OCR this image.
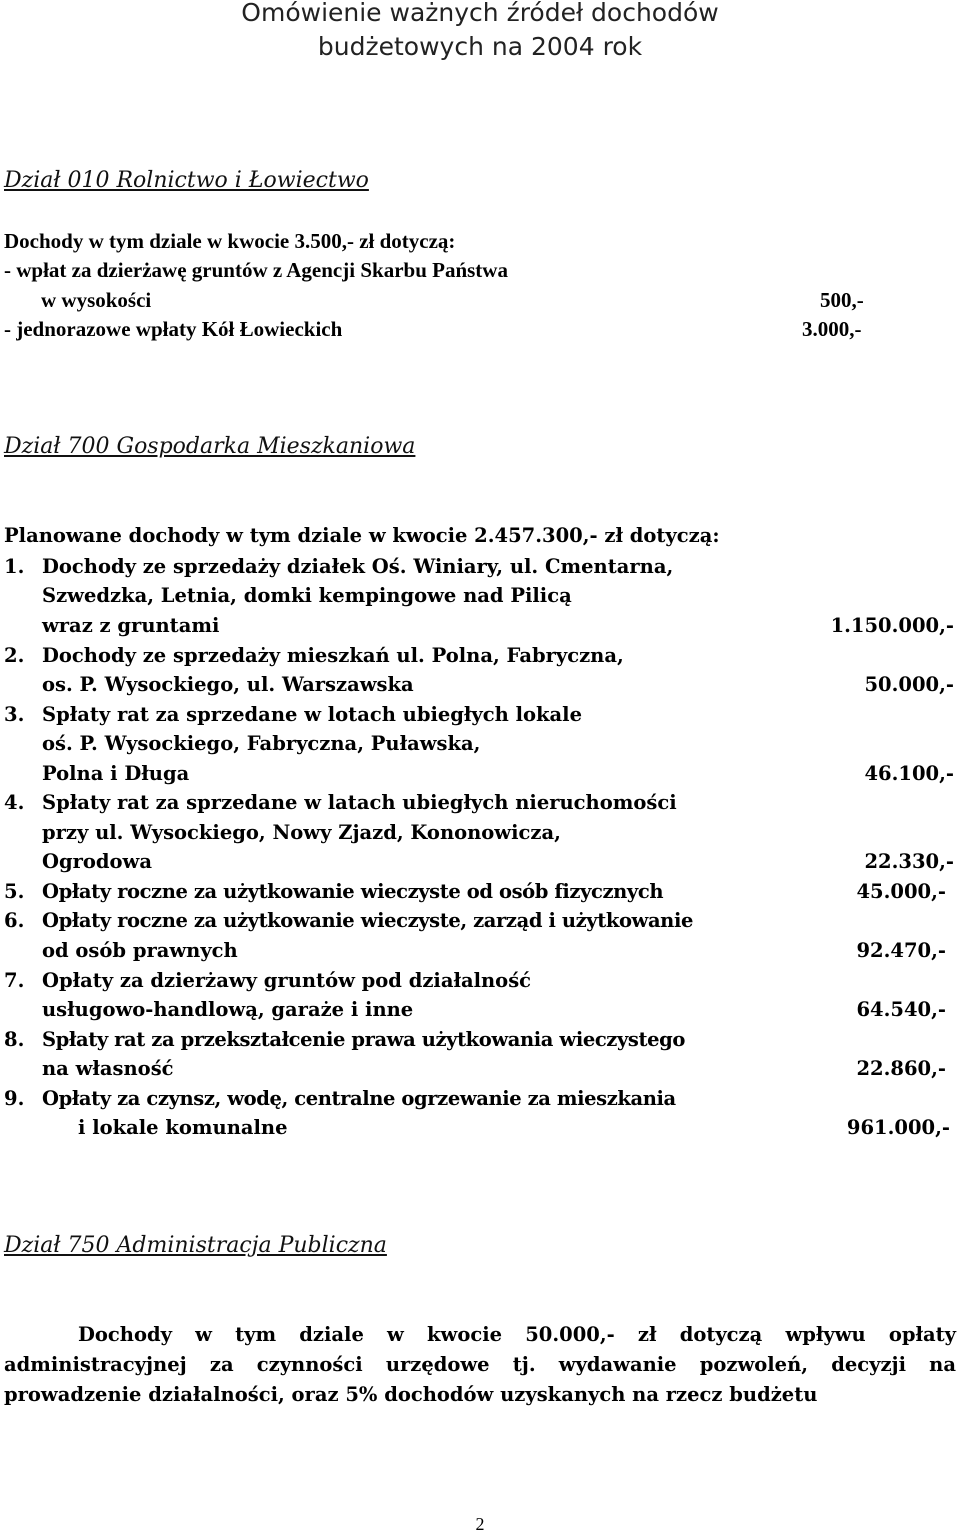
Omówienie ważnych źródeł dochodów
budżetowych na 2004 rok
Dział 010 Rolnictwo i Łowiectwo
Dochody w tym dziale w kwocie 3.500,- zł dotyczą:
- wpłat za dzierżawę gruntów z Agencji Skarbu Państwa
w wysokości	500,-
- jednorazowe wpłaty Kół Łowieckich	3.000,-
Dział 700 Gospodarka Mieszkaniowa
Planowane dochody w tym dziale w kwocie 2.457.300,- zł dotyczą:
1. Dochody ze sprzedaży działek Oś. Winiary, ul. Cmentarna,
Szwedzka, Letnia, domki kempingowe nad Pilicą
wraz z gruntami	1.150.000,-
2. Dochody ze sprzedaży mieszkań ul. Polna, Fabryczna,
os. P. Wysockiego, ul. Warszawska	50.000,-
3. Spłaty rat za sprzedane w lotach ubiegłych lokale
oś. P. Wysockiego, Fabryczna, Puławska,
Polna i Długa	46.100,-
4. Spłaty rat za sprzedane w latach ubiegłych nieruchomości
przy ul. Wysockiego, Nowy Zjazd, Kononowicza,
Ogrodowa	22.330,-
5. Opłaty roczne za użytkowanie wieczyste od osób fizycznych	45.000,-
6. Opłaty roczne za użytkowanie wieczyste, zarząd i użytkowanie
od osób prawnych	92.470,-
7. Opłaty za dzierżawy gruntów pod działalność
usługowo-handlową, garaże i inne	64.540,-
8. Spłaty rat za przekształcenie prawa użytkowania wieczystego
na własność	22.860,-
9. Opłaty za czynsz, wodę, centralne ogrzewanie za mieszkania
i lokale komunalne	961.000,-
Dział 750 Administracja Publiczna
Dochody w tym dziale w kwocie 50.000,- zł dotyczą wpływu opłaty administracyjnej za czynności urzędowe tj. wydawanie pozwoleń, decyzji na prowadzenie działalności, oraz 5% dochodów uzyskanych na rzecz budżetu
2
